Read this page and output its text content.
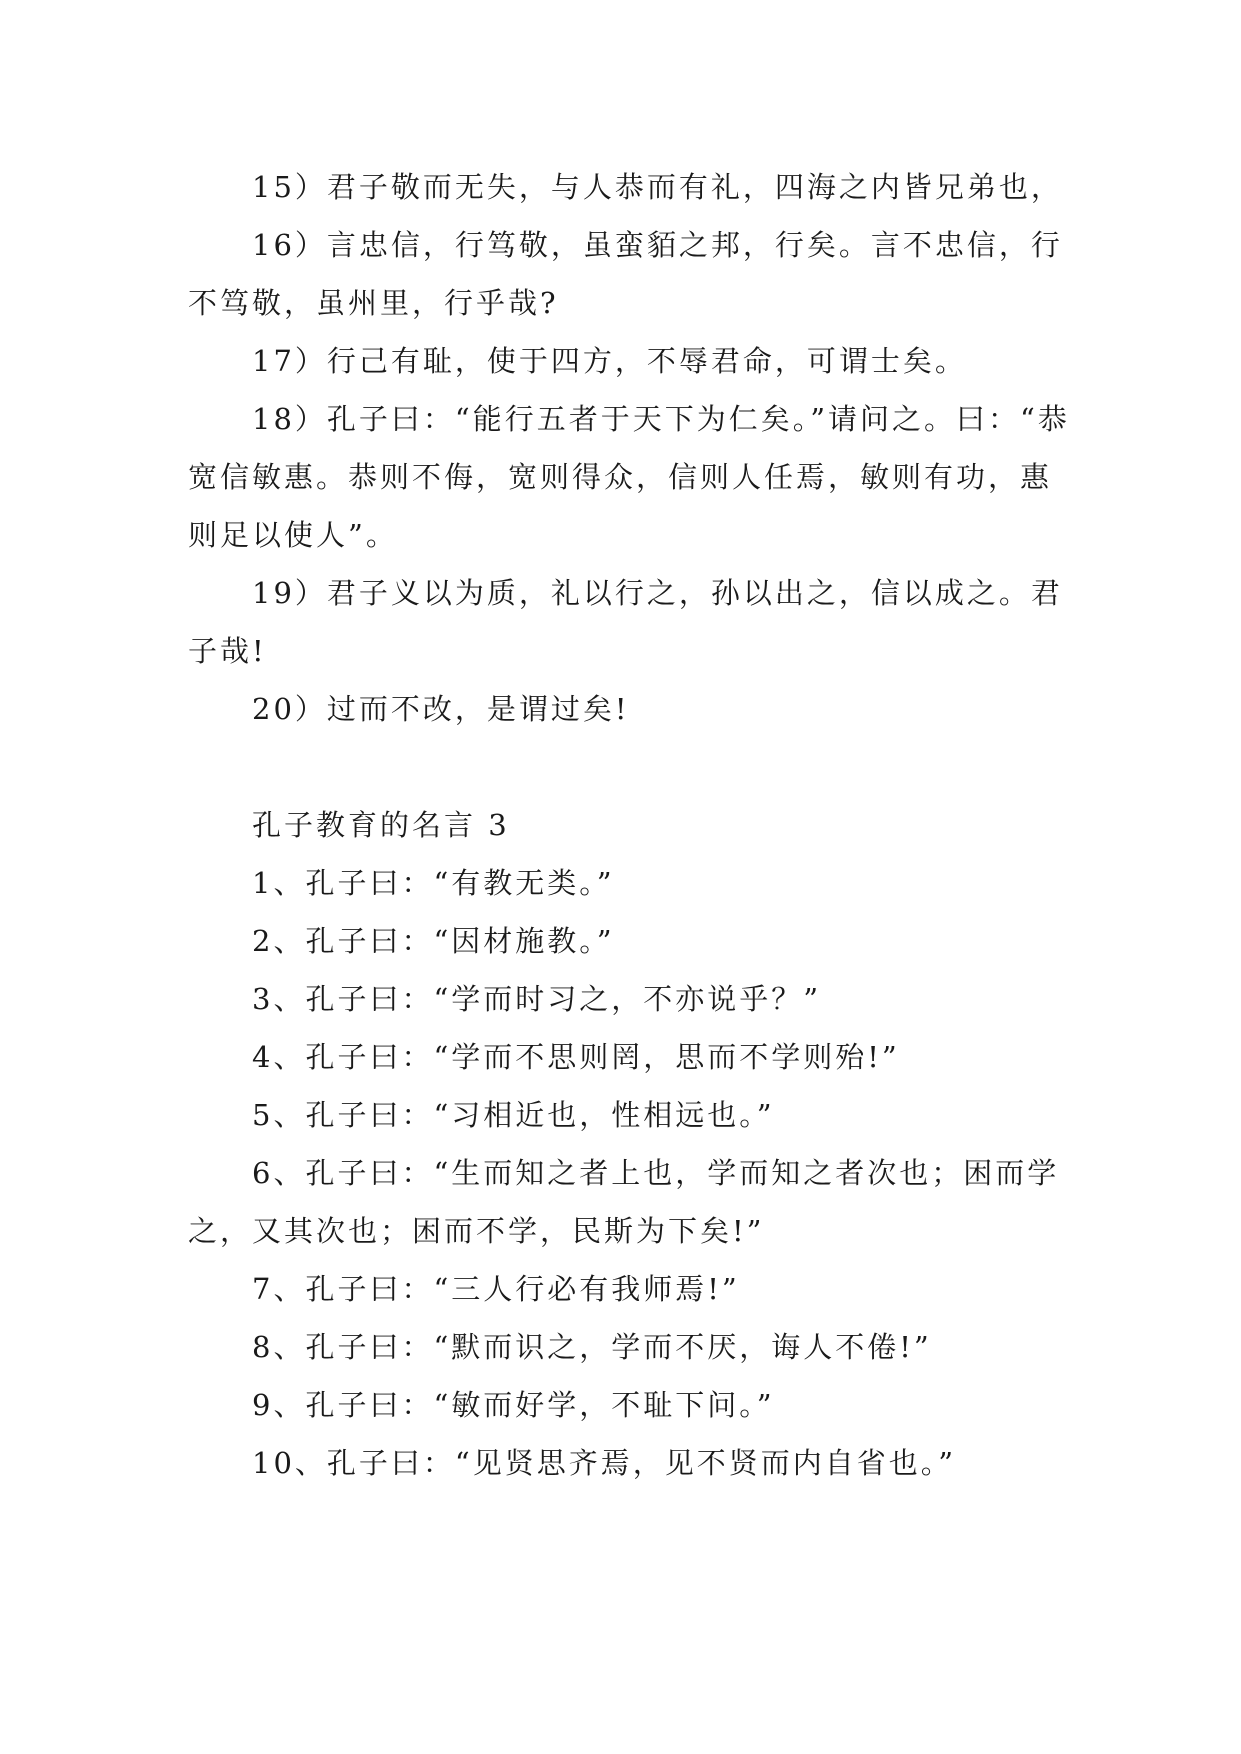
15）君子敬而无失，与人恭而有礼，四海之内皆兄弟也，

16）言忠信，行笃敬，虽蛮貊之邦，行矣。言不忠信，行不笃敬，虽州里，行乎哉?

17）行己有耻，使于四方，不辱君命，可谓士矣。

18）孔子曰：“能行五者于天下为仁矣。”请问之。曰：“恭宽信敏惠。恭则不侮，宽则得众，信则人任焉，敏则有功，惠则足以使人”。

19）君子义以为质，礼以行之，孙以出之，信以成之。君子哉!

20）过而不改，是谓过矣!

孔子教育的名言 3

1、孔子曰：“有教无类。”

2、孔子曰：“因材施教。”

3、孔子曰：“学而时习之，不亦说乎？”

4、孔子曰：“学而不思则罔，思而不学则殆!”

5、孔子曰：“习相近也，性相远也。”

6、孔子曰：“生而知之者上也，学而知之者次也；困而学之，又其次也；困而不学，民斯为下矣!”

7、孔子曰：“三人行必有我师焉!”

8、孔子曰：“默而识之，学而不厌，诲人不倦!”

9、孔子曰：“敏而好学，不耻下问。”

10、孔子曰：“见贤思齐焉，见不贤而内自省也。”
